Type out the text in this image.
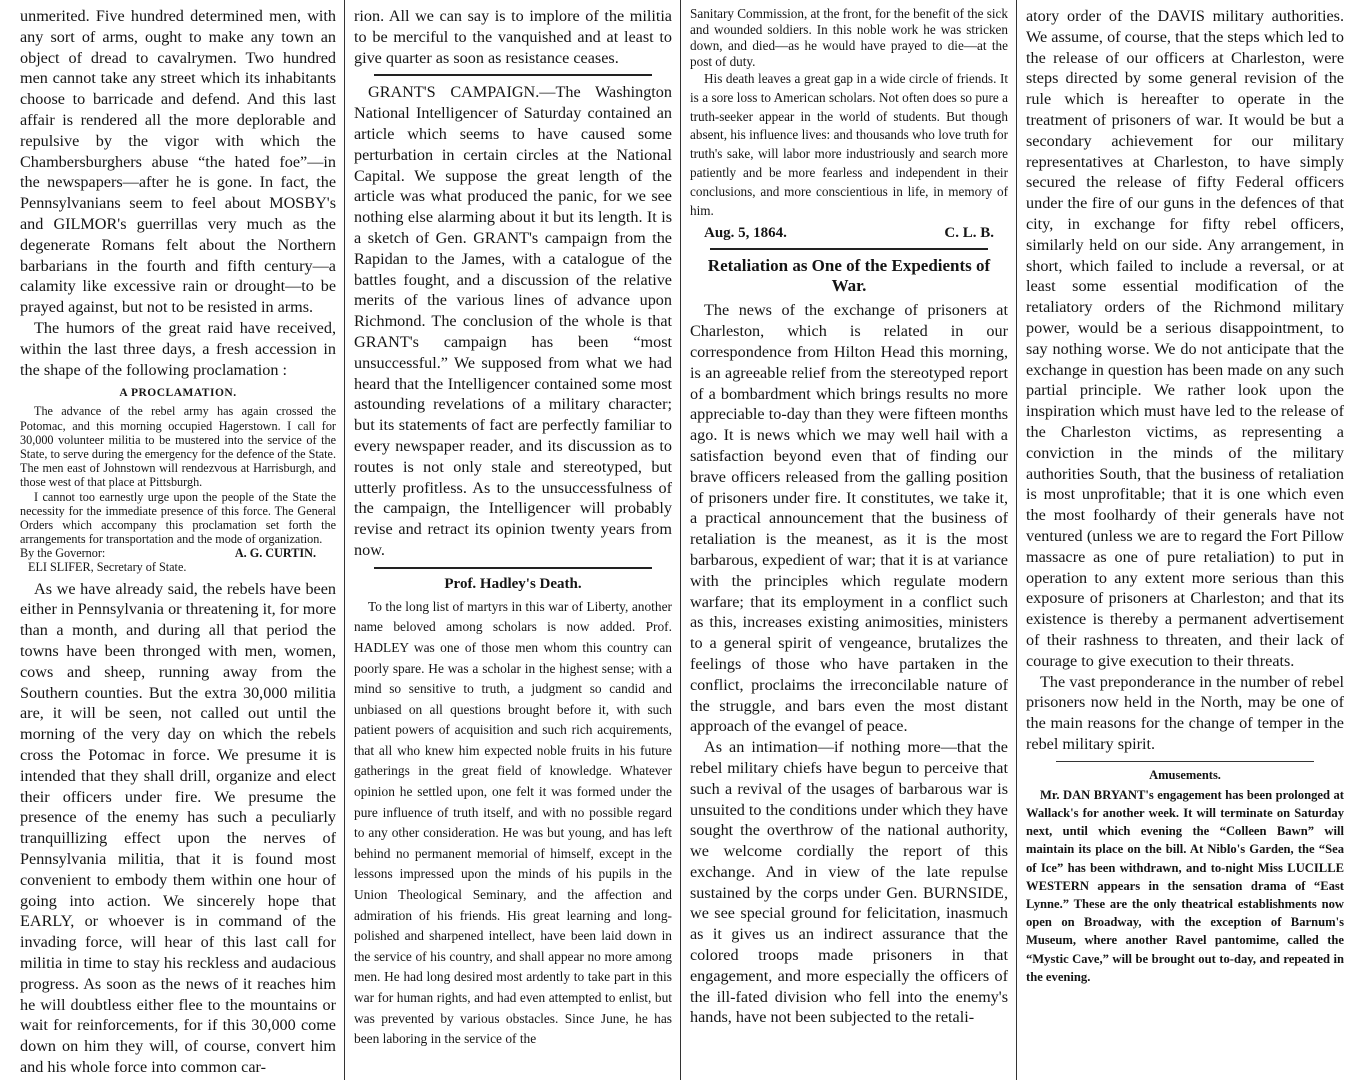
unmerited. Five hundred determined men, with any sort of arms, ought to make any town an object of dread to cavalrymen. Two hundred men cannot take any street which its inhabitants choose to barricade and defend. And this last affair is rendered all the more deplorable and repulsive by the vigor with which the Chambersburghers abuse “the hated foe”—in the newspapers—after he is gone. In fact, the Pennsylvanians seem to feel about MOSBY's and GILMOR's guerrillas very much as the degenerate Romans felt about the Northern barbarians in the fourth and fifth century—a calamity like excessive rain or drought—to be prayed against, but not to be resisted in arms.

The humors of the great raid have received, within the last three days, a fresh accession in the shape of the following proclamation :

A PROCLAMATION.

The advance of the rebel army has again crossed the Potomac, and this morning occupied Hagerstown. I call for 30,000 volunteer militia to be mustered into the service of the State, to serve during the emergency for the defence of the State. The men east of Johnstown will rendezvous at Harrisburgh, and those west of that place at Pittsburgh.

I cannot too earnestly urge upon the people of the State the necessity for the immediate presence of this force. The General Orders which accompany this proclamation set forth the arrangements for transportation and the mode of organization.

By the Governor:	A. G. CURTIN.
ELI SLIFER, Secretary of State.

As we have already said, the rebels have been either in Pennsylvania or threatening it, for more than a month, and during all that period the towns have been thronged with men, women, cows and sheep, running away from the Southern counties. But the extra 30,000 militia are, it will be seen, not called out until the morning of the very day on which the rebels cross the Potomac in force. We presume it is intended that they shall drill, organize and elect their officers under fire. We presume the presence of the enemy has such a peculiarly tranquillizing effect upon the nerves of Pennsylvania militia, that it is found most convenient to embody them within one hour of going into action. We sincerely hope that EARLY, or whoever is in command of the invading force, will hear of this last call for militia in time to stay his reckless and audacious progress. As soon as the news of it reaches him he will doubtless either flee to the mountains or wait for reinforcements, for if this 30,000 come down on him they will, of course, convert him and his whole force into common car-

rion. All we can say is to implore of the militia to be merciful to the vanquished and at least to give quarter as soon as resistance ceases.

GRANT'S CAMPAIGN.—The Washington National Intelligencer of Saturday contained an article which seems to have caused some perturbation in certain circles at the National Capital. We suppose the great length of the article was what produced the panic, for we see nothing else alarming about it but its length. It is a sketch of Gen. GRANT's campaign from the Rapidan to the James, with a catalogue of the battles fought, and a discussion of the relative merits of the various lines of advance upon Richmond. The conclusion of the whole is that GRANT's campaign has been “most unsuccessful.” We supposed from what we had heard that the Intelligencer contained some most astounding revelations of a military character; but its statements of fact are perfectly familiar to every newspaper reader, and its discussion as to routes is not only stale and stereotyped, but utterly profitless. As to the unsuccessfulness of the campaign, the Intelligencer will probably revise and retract its opinion twenty years from now.

Prof. Hadley's Death.

To the long list of martyrs in this war of Liberty, another name beloved among scholars is now added. Prof. HADLEY was one of those men whom this country can poorly spare. He was a scholar in the highest sense; with a mind so sensitive to truth, a judgment so candid and unbiased on all questions brought before it, with such patient powers of acquisition and such rich acquirements, that all who knew him expected noble fruits in his future gatherings in the great field of knowledge. Whatever opinion he settled upon, one felt it was formed under the pure influence of truth itself, and with no possible regard to any other consideration. He was but young, and has left behind no permanent memorial of himself, except in the lessons impressed upon the minds of his pupils in the Union Theological Seminary, and the affection and admiration of his friends. His great learning and long-polished and sharpened intellect, have been laid down in the service of his country, and shall appear no more among men. He had long desired most ardently to take part in this war for human rights, and had even attempted to enlist, but was prevented by various obstacles. Since June, he has been laboring in the service of the

Sanitary Commission, at the front, for the benefit of the sick and wounded soldiers. In this noble work he was stricken down, and died—as he would have prayed to die—at the post of duty.

His death leaves a great gap in a wide circle of friends. It is a sore loss to American scholars. Not often does so pure a truth-seeker appear in the world of students. But though absent, his influence lives: and thousands who love truth for truth's sake, will labor more industriously and search more patiently and be more fearless and independent in their conclusions, and more conscientious in life, in memory of him.

Aug. 5, 1864.	C. L. B.
Retaliation as One of the Expedients of War.

The news of the exchange of prisoners at Charleston, which is related in our correspondence from Hilton Head this morning, is an agreeable relief from the stereotyped report of a bombardment which brings results no more appreciable to-day than they were fifteen months ago. It is news which we may well hail with a satisfaction beyond even that of finding our brave officers released from the galling position of prisoners under fire. It constitutes, we take it, a practical announcement that the business of retaliation is the meanest, as it is the most barbarous, expedient of war; that it is at variance with the principles which regulate modern warfare; that its employment in a conflict such as this, increases existing animosities, ministers to a general spirit of vengeance, brutalizes the feelings of those who have partaken in the conflict, proclaims the irreconcilable nature of the struggle, and bars even the most distant approach of the evangel of peace.

As an intimation—if nothing more—that the rebel military chiefs have begun to perceive that such a revival of the usages of barbarous war is unsuited to the conditions under which they have sought the overthrow of the national authority, we welcome cordially the report of this exchange. And in view of the late repulse sustained by the corps under Gen. BURNSIDE, we see special ground for felicitation, inasmuch as it gives us an indirect assurance that the colored troops made prisoners in that engagement, and more especially the officers of the ill-fated division who fell into the enemy's hands, have not been subjected to the retali-

atory order of the DAVIS military authorities. We assume, of course, that the steps which led to the release of our officers at Charleston, were steps directed by some general revision of the rule which is hereafter to operate in the treatment of prisoners of war. It would be but a secondary achievement for our military representatives at Charleston, to have simply secured the release of fifty Federal officers under the fire of our guns in the defences of that city, in exchange for fifty rebel officers, similarly held on our side. Any arrangement, in short, which failed to include a reversal, or at least some essential modification of the retaliatory orders of the Richmond military power, would be a serious disappointment, to say nothing worse. We do not anticipate that the exchange in question has been made on any such partial principle. We rather look upon the inspiration which must have led to the release of the Charleston victims, as representing a conviction in the minds of the military authorities South, that the business of retaliation is most unprofitable; that it is one which even the most foolhardy of their generals have not ventured (unless we are to regard the Fort Pillow massacre as one of pure retaliation) to put in operation to any extent more serious than this exposure of prisoners at Charleston; and that its existence is thereby a permanent advertisement of their rashness to threaten, and their lack of courage to give execution to their threats.

The vast preponderance in the number of rebel prisoners now held in the North, may be one of the main reasons for the change of temper in the rebel military spirit.

Amusements.

Mr. DAN BRYANT's engagement has been prolonged at Wallack's for another week. It will terminate on Saturday next, until which evening the “Colleen Bawn” will maintain its place on the bill. At Niblo's Garden, the “Sea of Ice” has been withdrawn, and to-night Miss LUCILLE WESTERN appears in the sensation drama of “East Lynne.” These are the only theatrical establishments now open on Broadway, with the exception of Barnum's Museum, where another Ravel pantomime, called the “Mystic Cave,” will be brought out to-day, and repeated in the evening.
